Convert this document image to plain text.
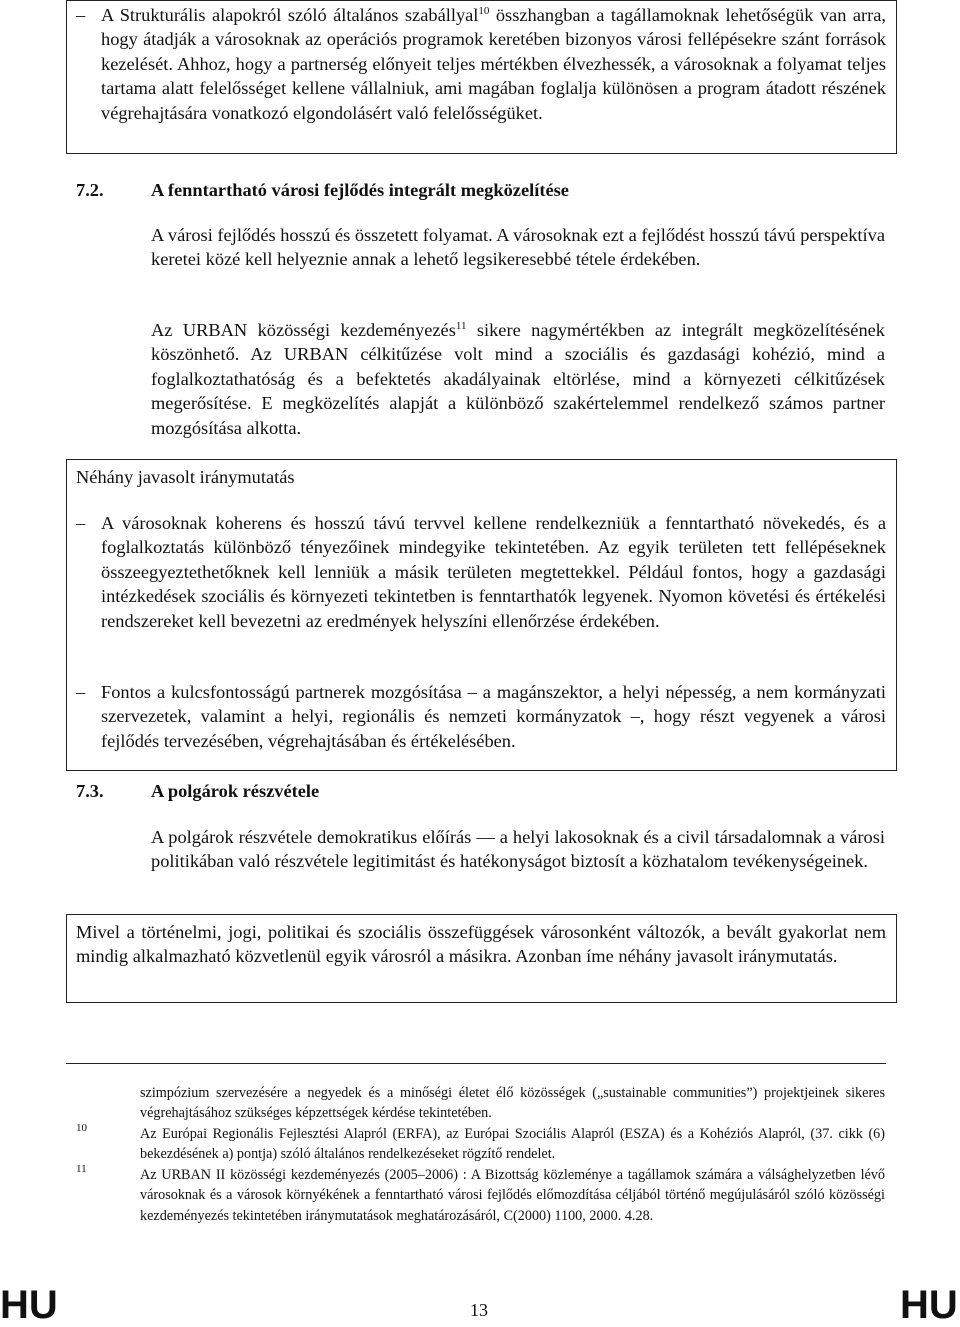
– A Strukturális alapokról szóló általános szabállyal$^{10}$ összhangban a tagállamoknak lehetőségük van arra, hogy átadják a városoknak az operációs programok keretében bizonyos városi fellépésekre szánt források kezelését. Ahhoz, hogy a partnerség előnyeit teljes mértékben élvezhessék, a városoknak a folyamat teljes tartama alatt felelősséget kellene vállalniuk, ami magában foglalja különösen a program átadott részének végrehajtására vonatkozó elgondolásért való felelősségüket.

7.2.	A fenntartható városi fejlődés integrált megközelítése

A városi fejlődés hosszú és összetett folyamat. A városoknak ezt a fejlődést hosszú távú perspektíva keretei közé kell helyeznie annak a lehető legsikeresebbé tétele érdekében.

Az URBAN közösségi kezdeményezés$^{11}$ sikere nagymértékben az integrált megközelítésének köszönhető. Az URBAN célkitűzése volt mind a szociális és gazdasági kohézió, mind a foglalkoztathatóság és a befektetés akadályainak eltörlése, mind a környezeti célkitűzések megerősítése. E megközelítés alapját a különböző szakértelemmel rendelkező számos partner mozgósítása alkotta.

Néhány javasolt iránymutatás
– A városoknak koherens és hosszú távú tervvel kellene rendelkezniük a fenntartható növekedés, és a foglalkoztatás különböző tényezőinek mindegyike tekintetében. Az egyik területen tett fellépéseknek összeegyeztethetőknek kell lenniük a másik területen megtettekkel. Például fontos, hogy a gazdasági intézkedések szociális és környezeti tekintetben is fenntarthatók legyenek. Nyomon követési és értékelési rendszereket kell bevezetni az eredmények helyszíni ellenőrzése érdekében.

– Fontos a kulcsfontosságú partnerek mozgósítása – a magánszektor, a helyi népesség, a nem kormányzati szervezetek, valamint a helyi, regionális és nemzeti kormányzatok –, hogy részt vegyenek a városi fejlődés tervezésében, végrehajtásában és értékelésében.

7.3.	A polgárok részvétele

A polgárok részvétele demokratikus előírás — a helyi lakosoknak és a civil társadalomnak a városi politikában való részvétele legitimitást és hatékonyságot biztosít a közhatalom tevékenységeinek.

Mivel a történelmi, jogi, politikai és szociális összefüggések városonként változók, a bevált gyakorlat nem mindig alkalmazható közvetlenül egyik városról a másikra. Azonban íme néhány javasolt iránymutatás.

szimpózium szervezésére a negyedek és a minőségi életet élő közösségek („sustainable communities”) projektjeinek sikeres végrehajtásához szükséges képzettségek kérdése tekintetében.

10	Az Európai Regionális Fejlesztési Alapról (ERFA), az Európai Szociális Alapról (ESZA) és a Kohéziós Alapról, (37. cikk (6) bekezdésének a) pontja) szóló általános rendelkezéseket rögzítő rendelet.

11	Az URBAN II közösségi kezdeményezés (2005–2006) : A Bizottság közleménye a tagállamok számára a válsághelyzetben lévő városoknak és a városok környékének a fenntartható városi fejlődés előmozdítása céljából történő megújulásáról szóló közösségi kezdeményezés tekintetében iránymutatások meghatározásáról, C(2000) 1100, 2000. 4.28.

HU	13	HU
